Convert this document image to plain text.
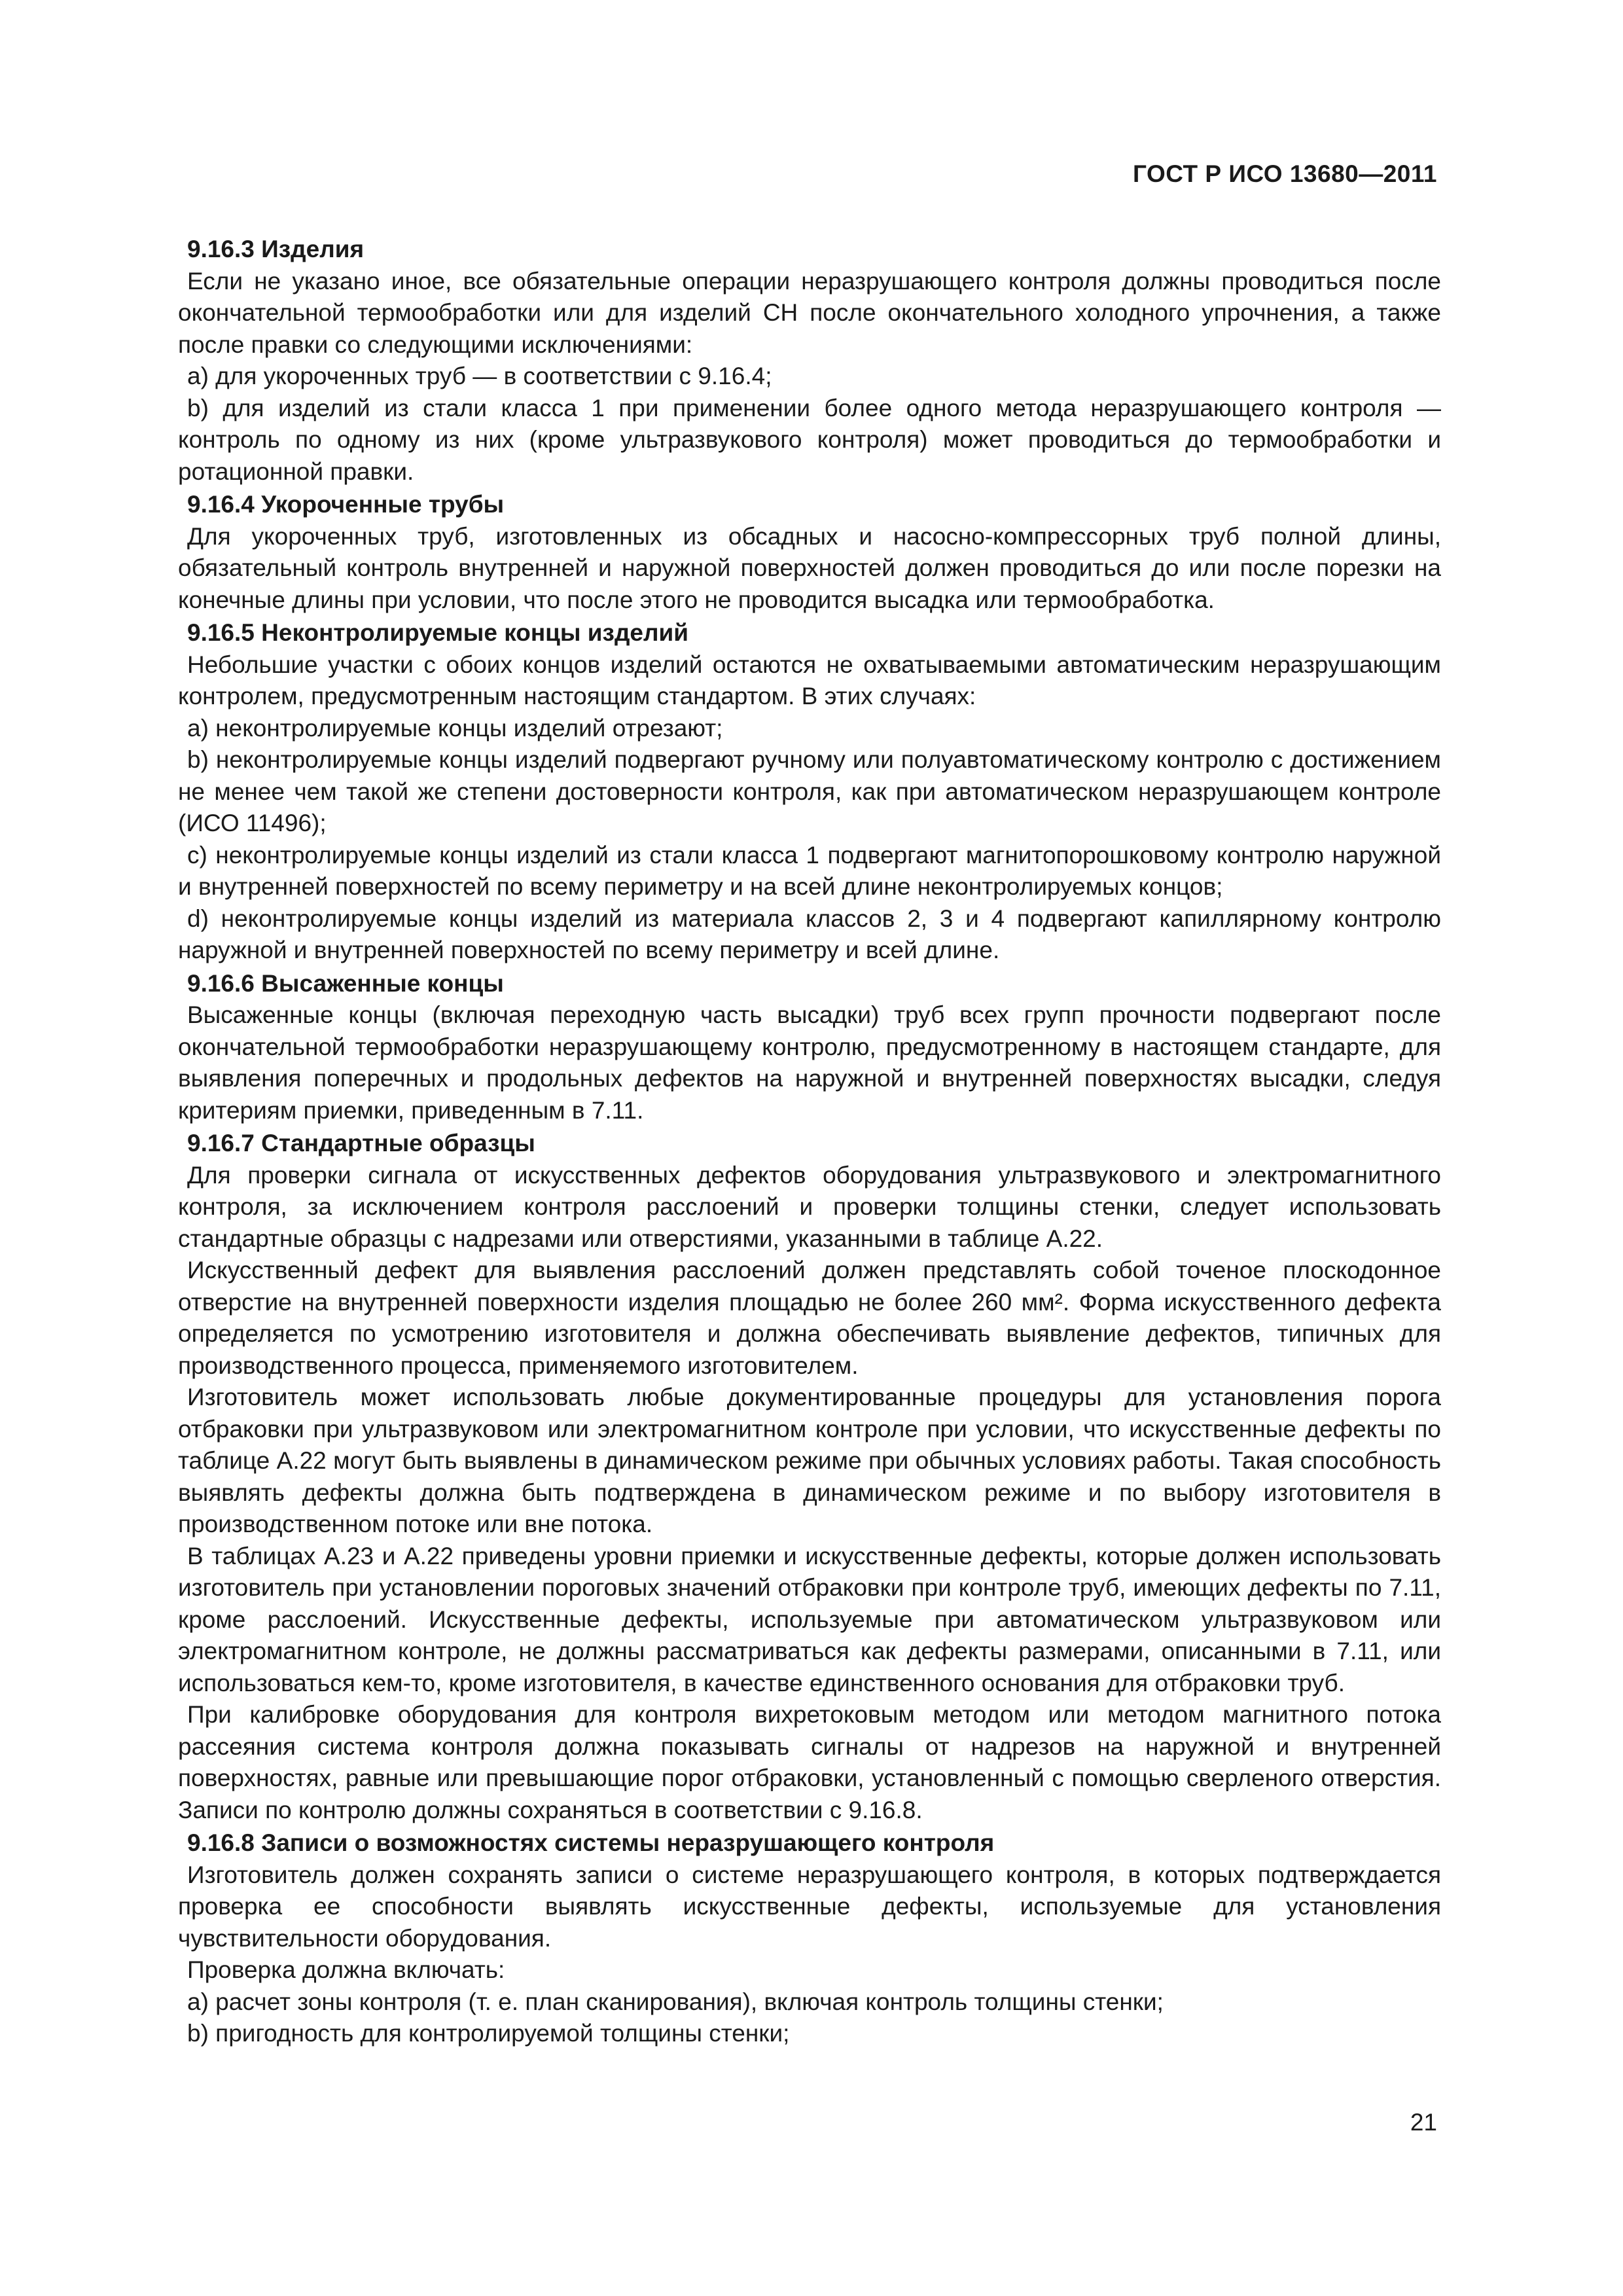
ГОСТ Р ИСО 13680—2011

9.16.3 Изделия

Если не указано иное, все обязательные операции неразрушающего контроля должны проводиться после окончательной термообработки или для изделий СН после окончательного холодного упрочнения, а также после правки со следующими исключениями:

a) для укороченных труб — в соответствии с 9.16.4;

b) для изделий из стали класса 1 при применении более одного метода неразрушающего контроля — контроль по одному из них (кроме ультразвукового контроля) может проводиться до термообработки и ротационной правки.

9.16.4 Укороченные трубы

Для укороченных труб, изготовленных из обсадных и насосно-компрессорных труб полной длины, обязательный контроль внутренней и наружной поверхностей должен проводиться до или после порезки на конечные длины при условии, что после этого не проводится высадка или термообработка.

9.16.5 Неконтролируемые концы изделий

Небольшие участки с обоих концов изделий остаются не охватываемыми автоматическим неразрушающим контролем, предусмотренным настоящим стандартом. В этих случаях:

a) неконтролируемые концы изделий отрезают;

b) неконтролируемые концы изделий подвергают ручному или полуавтоматическому контролю с достижением не менее чем такой же степени достоверности контроля, как при автоматическом неразрушающем контроле (ИСО 11496);

c) неконтролируемые концы изделий из стали класса 1 подвергают магнитопорошковому контролю наружной и внутренней поверхностей по всему периметру и на всей длине неконтролируемых концов;

d) неконтролируемые концы изделий из материала классов 2, 3 и 4 подвергают капиллярному контролю наружной и внутренней поверхностей по всему периметру и всей длине.

9.16.6 Высаженные концы

Высаженные концы (включая переходную часть высадки) труб всех групп прочности подвергают после окончательной термообработки неразрушающему контролю, предусмотренному в настоящем стандарте, для выявления поперечных и продольных дефектов на наружной и внутренней поверхностях высадки, следуя критериям приемки, приведенным в 7.11.

9.16.7 Стандартные образцы

Для проверки сигнала от искусственных дефектов оборудования ультразвукового и электромагнитного контроля, за исключением контроля расслоений и проверки толщины стенки, следует использовать стандартные образцы с надрезами или отверстиями, указанными в таблице А.22.

Искусственный дефект для выявления расслоений должен представлять собой точеное плоскодонное отверстие на внутренней поверхности изделия площадью не более 260 мм². Форма искусственного дефекта определяется по усмотрению изготовителя и должна обеспечивать выявление дефектов, типичных для производственного процесса, применяемого изготовителем.

Изготовитель может использовать любые документированные процедуры для установления порога отбраковки при ультразвуковом или электромагнитном контроле при условии, что искусственные дефекты по таблице А.22 могут быть выявлены в динамическом режиме при обычных условиях работы. Такая способность выявлять дефекты должна быть подтверждена в динамическом режиме и по выбору изготовителя в производственном потоке или вне потока.

В таблицах А.23 и А.22 приведены уровни приемки и искусственные дефекты, которые должен использовать изготовитель при установлении пороговых значений отбраковки при контроле труб, имеющих дефекты по 7.11, кроме расслоений. Искусственные дефекты, используемые при автоматическом ультразвуковом или электромагнитном контроле, не должны рассматриваться как дефекты размерами, описанными в 7.11, или использоваться кем-то, кроме изготовителя, в качестве единственного основания для отбраковки труб.

При калибровке оборудования для контроля вихретоковым методом или методом магнитного потока рассеяния система контроля должна показывать сигналы от надрезов на наружной и внутренней поверхностях, равные или превышающие порог отбраковки, установленный с помощью сверленого отверстия. Записи по контролю должны сохраняться в соответствии с 9.16.8.

9.16.8 Записи о возможностях системы неразрушающего контроля

Изготовитель должен сохранять записи о системе неразрушающего контроля, в которых подтверждается проверка ее способности выявлять искусственные дефекты, используемые для установления чувствительности оборудования.

Проверка должна включать:

a) расчет зоны контроля (т. е. план сканирования), включая контроль толщины стенки;

b) пригодность для контролируемой толщины стенки;

21
